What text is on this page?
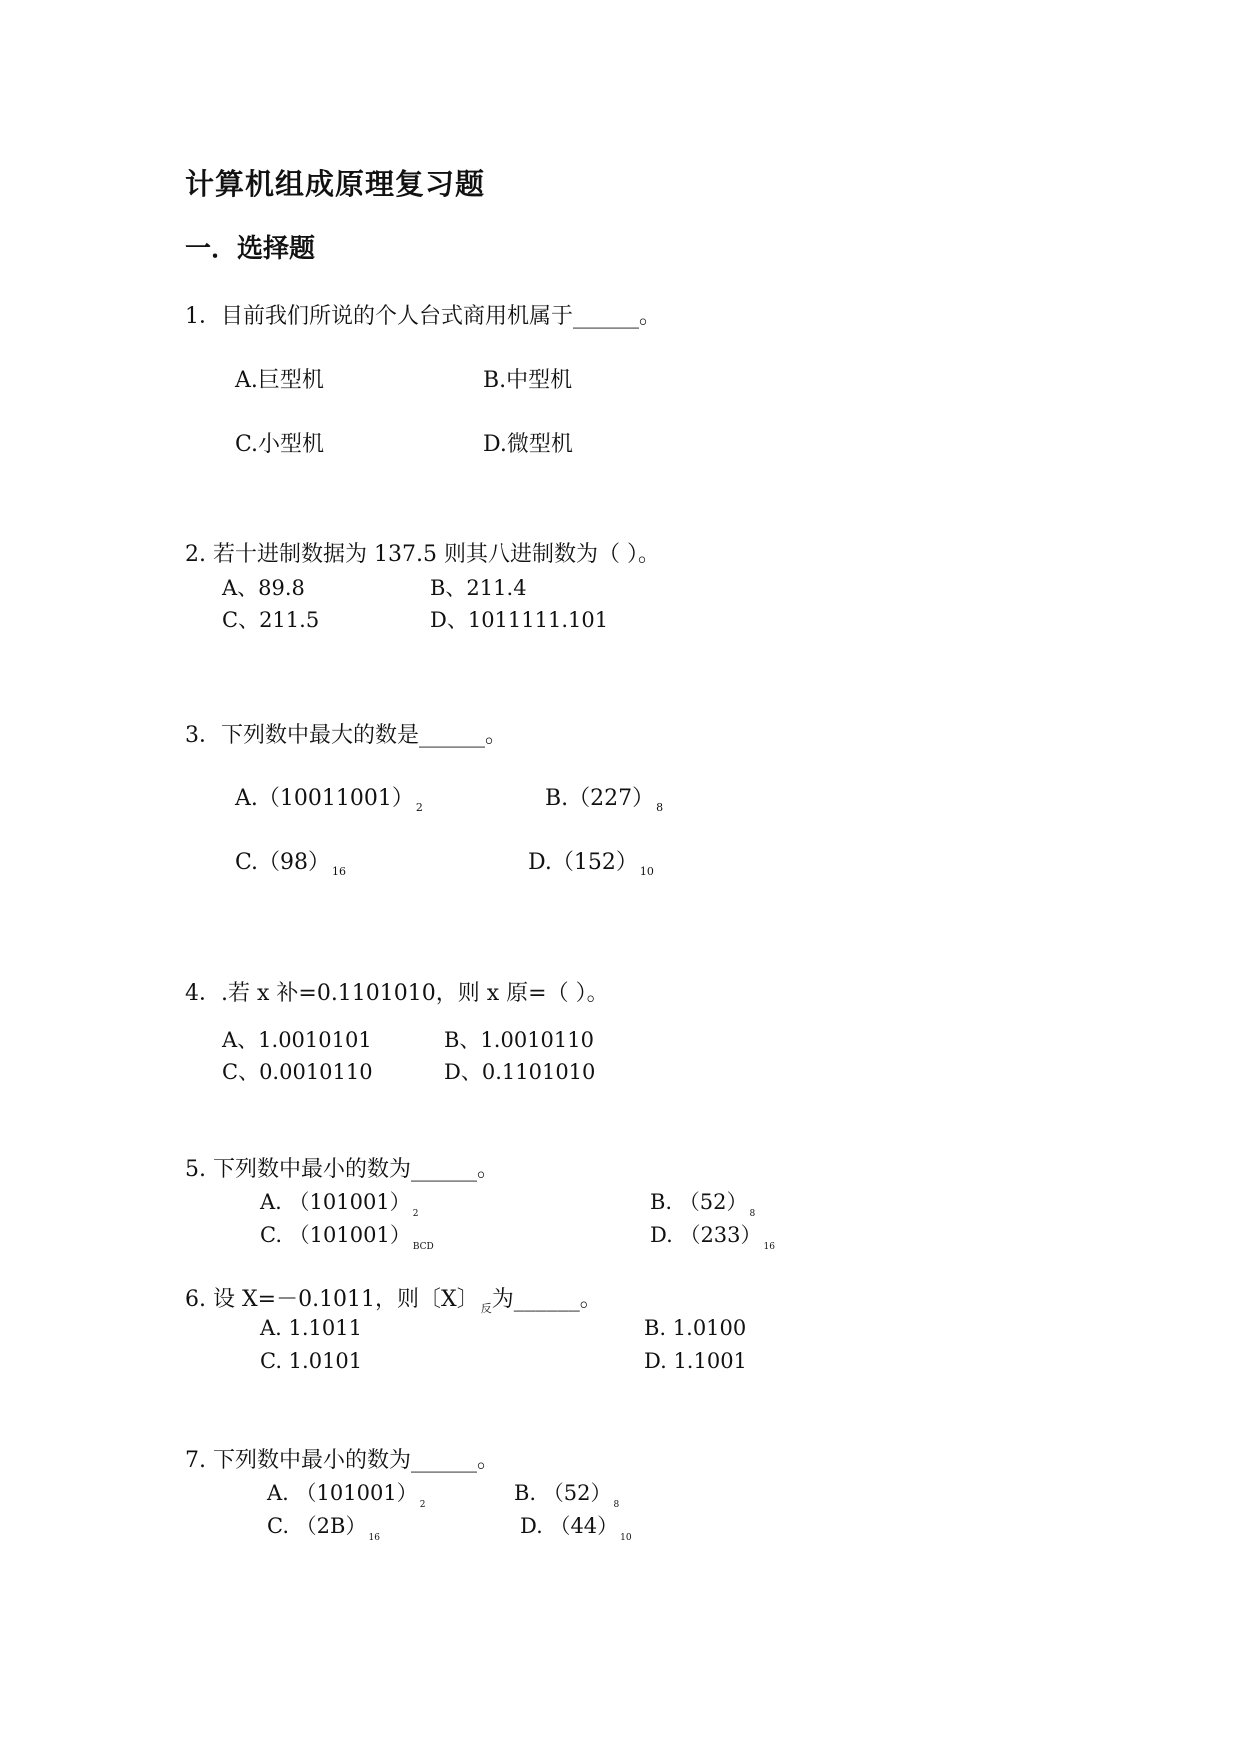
计算机组成原理复习题
一．选择题
1．目前我们所说的个人台式商用机属于______。
A.巨型机	B.中型机
C.小型机	D.微型机
2. 若十进制数据为 137.5 则其八进制数为（ ）。
A、89.8	B、211.4
C、211.5	D、1011111.101
3．下列数中最大的数是______。
A.（10011001） $_2$	B.（227） $_8$
C.（98） $_{16}$	D.（152） $_{10}$
4．.若 x 补=0.1101010，则 x 原=（ ）。
A、1.0010101	B、1.0010110
C、0.0010110	D、0.1101010
5. 下列数中最小的数为______。
A. （101001） $_2$	B. （52） $_8$
C. （101001） $_{BCD}$	D. （233） $_{16}$
6. 设 X=－0.1011，则〔X〕 $_反$为______。
A. 1.1011	B. 1.0100
C. 1.0101	D. 1.1001
7. 下列数中最小的数为______。
A. （101001） $_2$	B. （52） $_8$
C. （2B） $_{16}$	D. （44） $_{10}$
